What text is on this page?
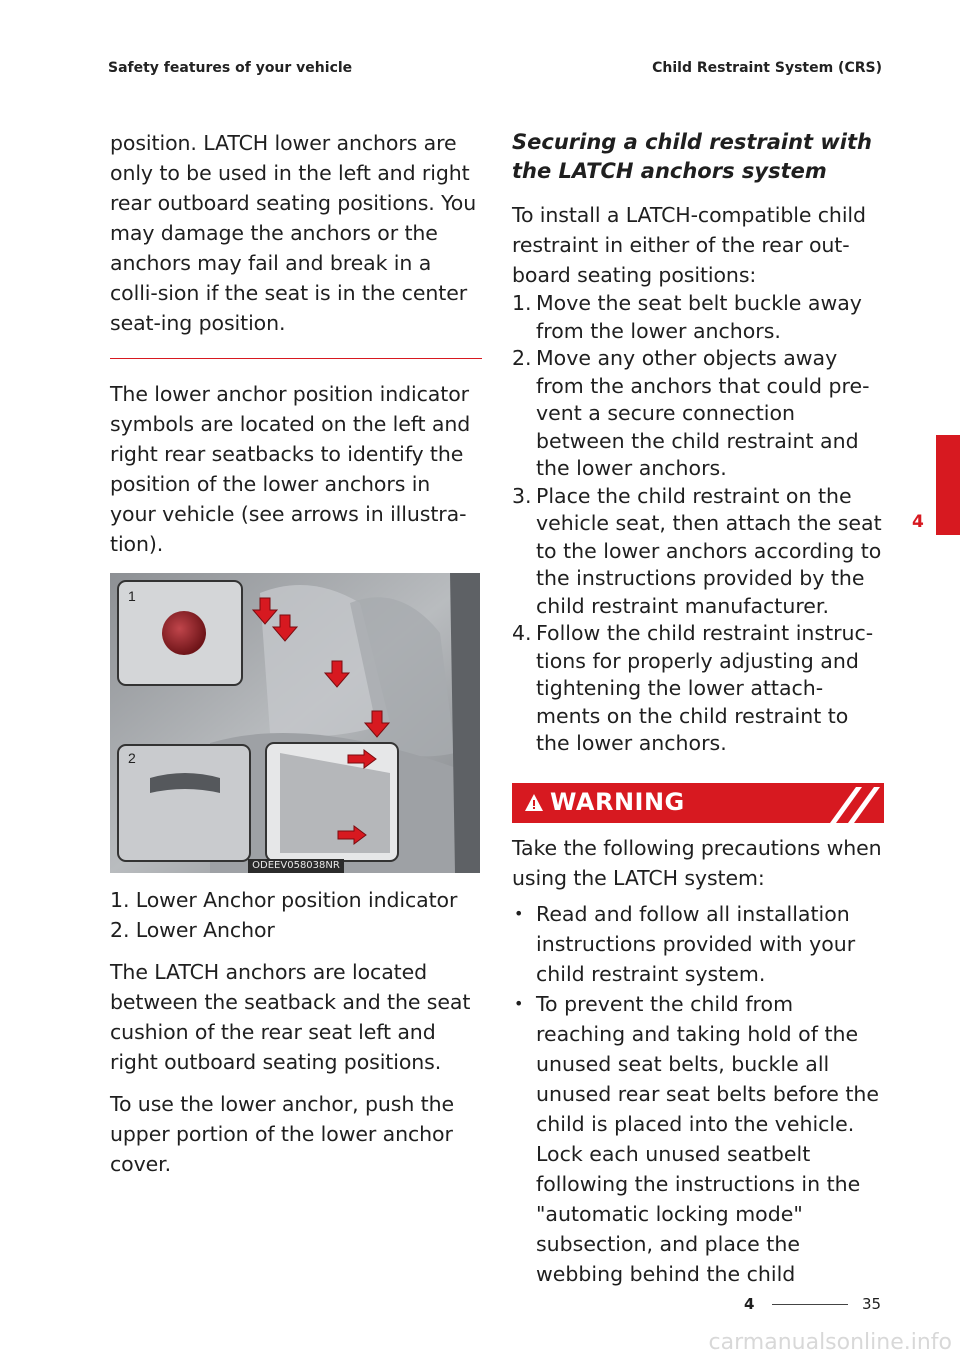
Safety features of your vehicle	Child Restraint System (CRS)
4

position. LATCH lower anchors are only to be used in the left and right rear outboard seating positions. You may damage the anchors or the anchors may fail and break in a colli-sion if the seat is in the center seat-ing position.

The lower anchor position indicator symbols are located on the left and right rear seatbacks to identify the position of the lower anchors in your vehicle (see arrows in illustra-tion).

1
2
ODEEV058038NR

1. Lower Anchor position indicator

2. Lower Anchor

The LATCH anchors are located between the seatback and the seat cushion of the rear seat left and right outboard seating positions.

To use the lower anchor, push the upper portion of the lower anchor cover.

Securing a child restraint with the LATCH anchors system

To install a LATCH-compatible child restraint in either of the rear out-board seating positions:

1. Move the seat belt buckle away from the lower anchors.
2. Move any other objects away from the anchors that could pre-vent a secure connection between the child restraint and the lower anchors.
3. Place the child restraint on the vehicle seat, then attach the seat to the lower anchors according to the instructions provided by the child restraint manufacturer.
4. Follow the child restraint instruc-tions for properly adjusting and tightening the lower attach-ments on the child restraint to the lower anchors.
WARNING

Take the following precautions when using the LATCH system:

• Read and follow all installation instructions provided with your child restraint system.
• To prevent the child from reaching and taking hold of the unused seat belts, buckle all unused rear seat belts before the child is placed into the vehicle. Lock each unused seatbelt following the instructions in the "automatic locking mode" subsection, and place the webbing behind the child
4	35
carmanualsonline.info
